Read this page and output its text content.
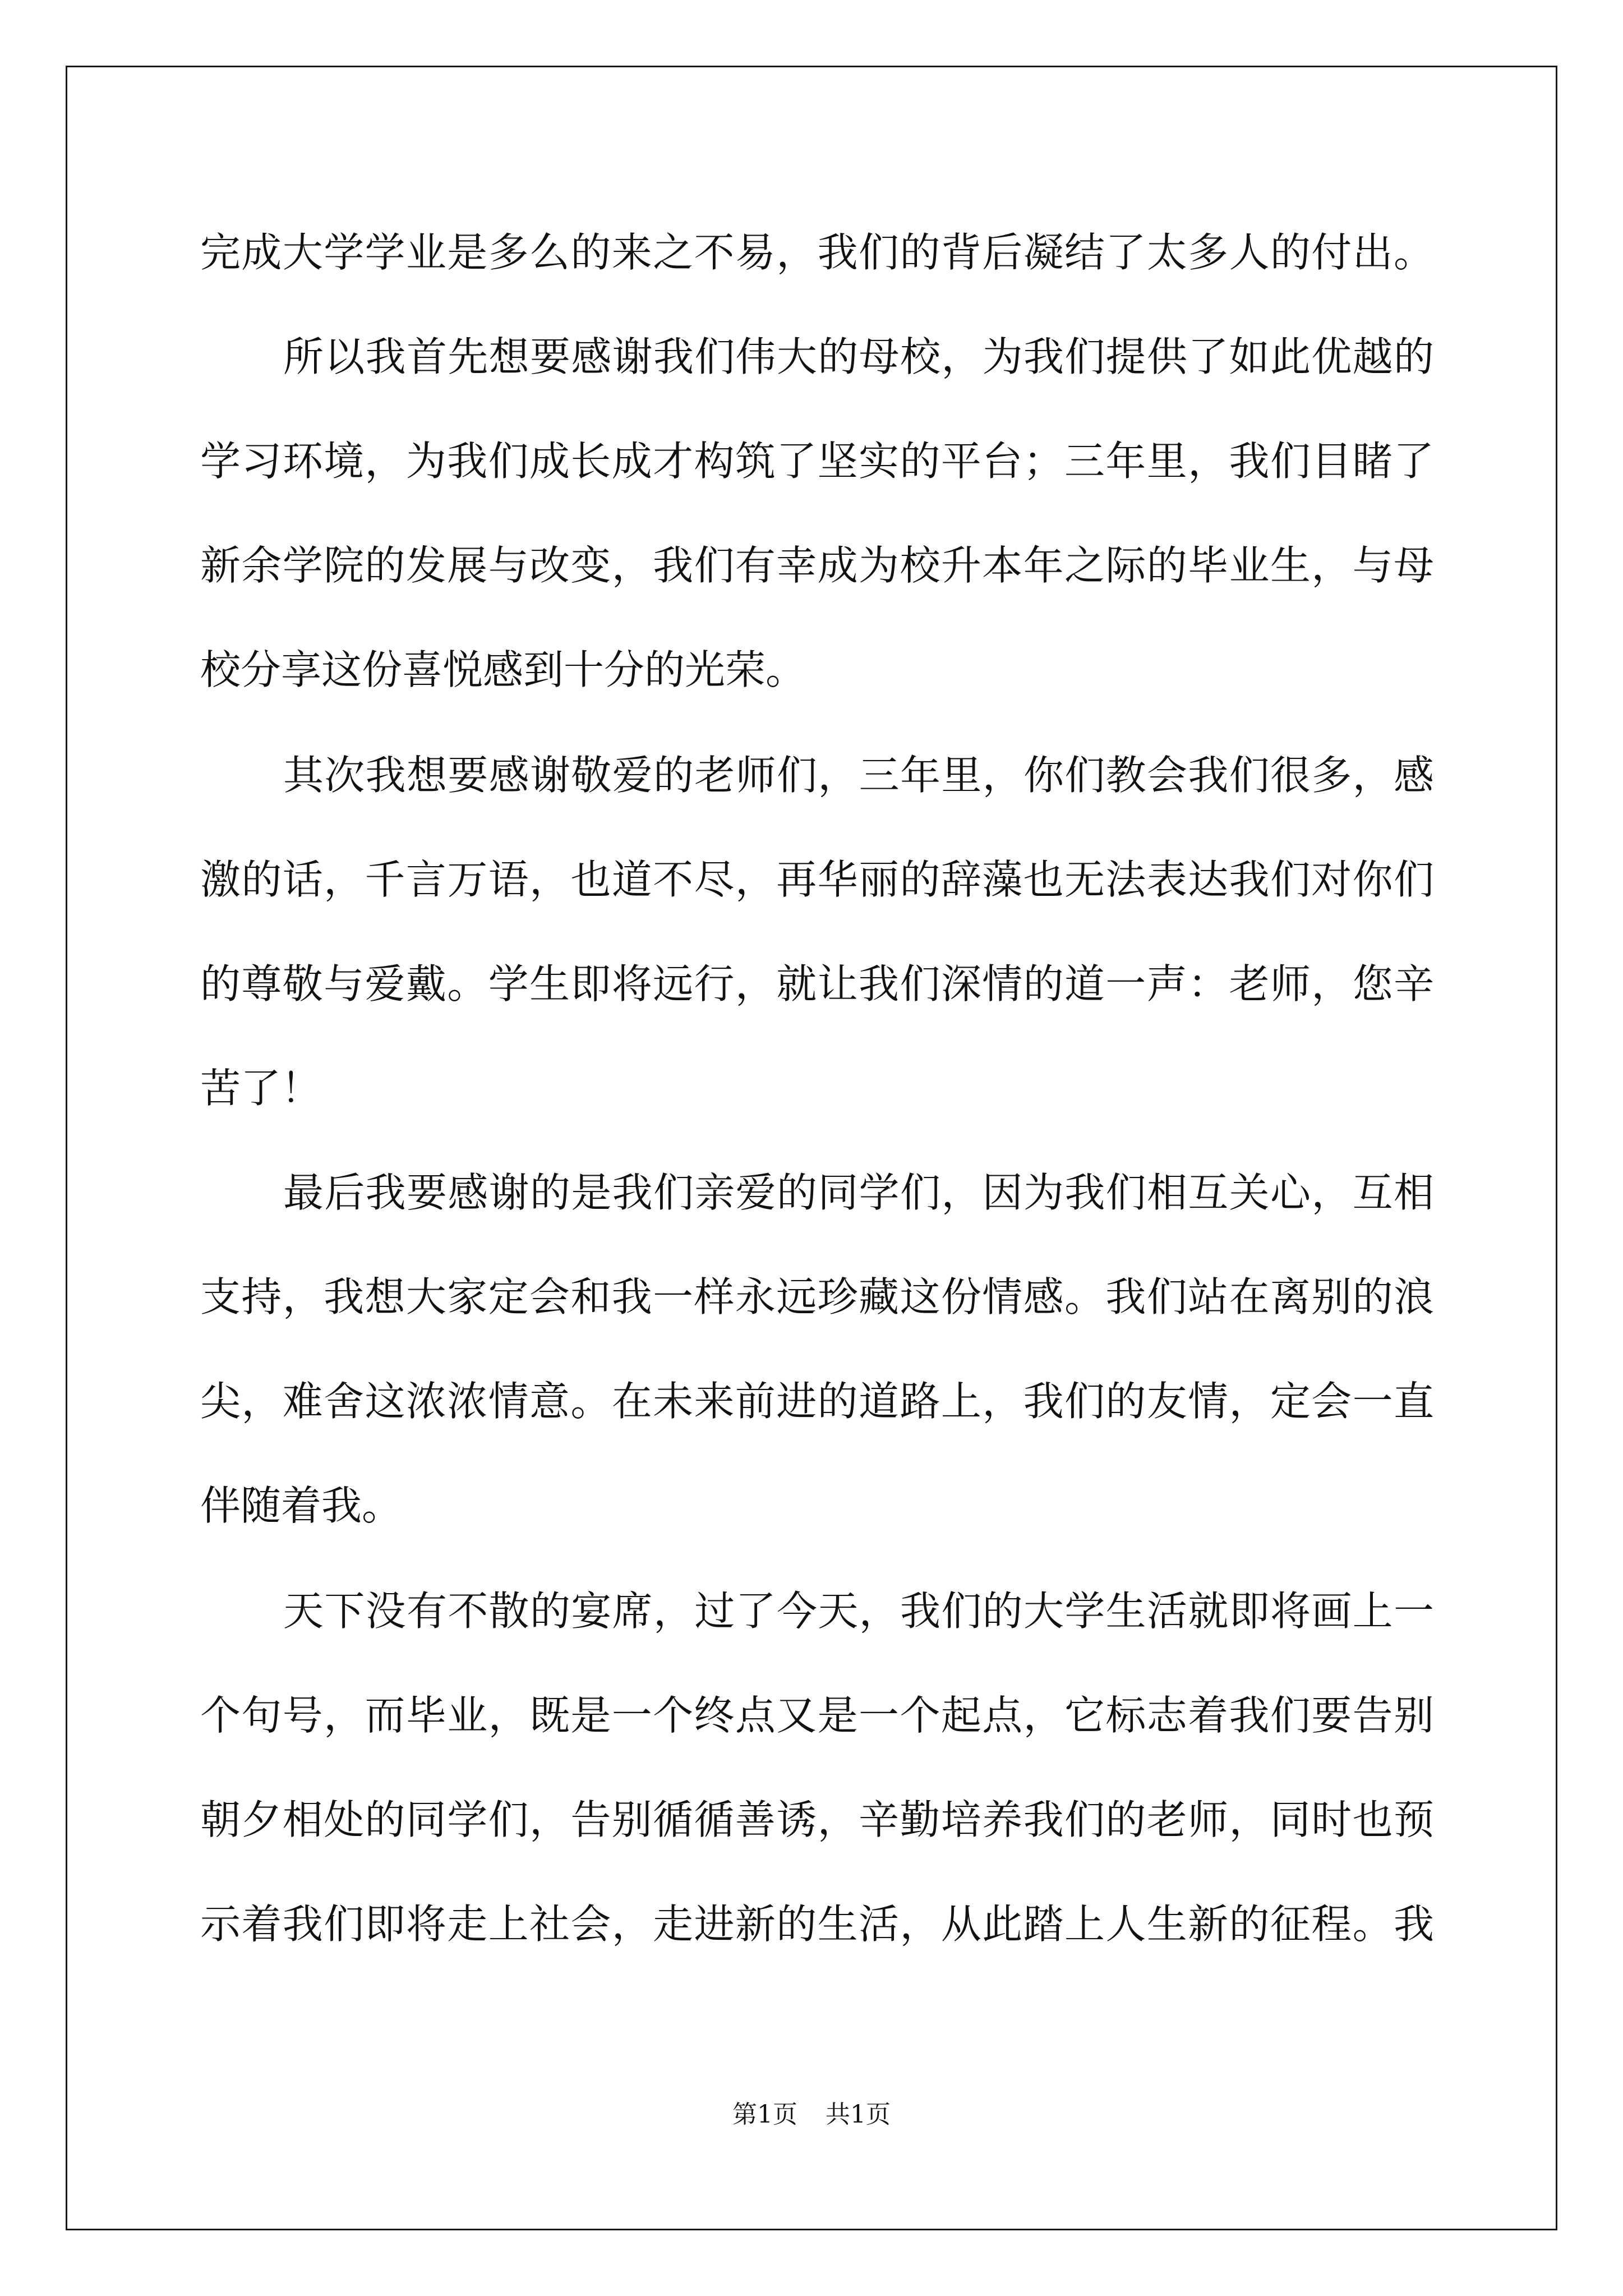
完成大学学业是多么的来之不易，我们的背后凝结了太多人的付出。
所以我首先想要感谢我们伟大的母校，为我们提供了如此优越的
学习环境，为我们成长成才构筑了坚实的平台；三年里，我们目睹了
新余学院的发展与改变，我们有幸成为校升本年之际的毕业生，与母
校分享这份喜悦感到十分的光荣。
其次我想要感谢敬爱的老师们，三年里，你们教会我们很多，感
激的话，千言万语，也道不尽，再华丽的辞藻也无法表达我们对你们
的尊敬与爱戴。学生即将远行，就让我们深情的道一声：老师，您辛
苦了！
最后我要感谢的是我们亲爱的同学们，因为我们相互关心，互相
支持，我想大家定会和我一样永远珍藏这份情感。我们站在离别的浪
尖，难舍这浓浓情意。在未来前进的道路上，我们的友情，定会一直
伴随着我。
天下没有不散的宴席，过了今天，我们的大学生活就即将画上一
个句号，而毕业，既是一个终点又是一个起点，它标志着我们要告别
朝夕相处的同学们，告别循循善诱，辛勤培养我们的老师，同时也预
示着我们即将走上社会，走进新的生活，从此踏上人生新的征程。我
第1页 共1页
